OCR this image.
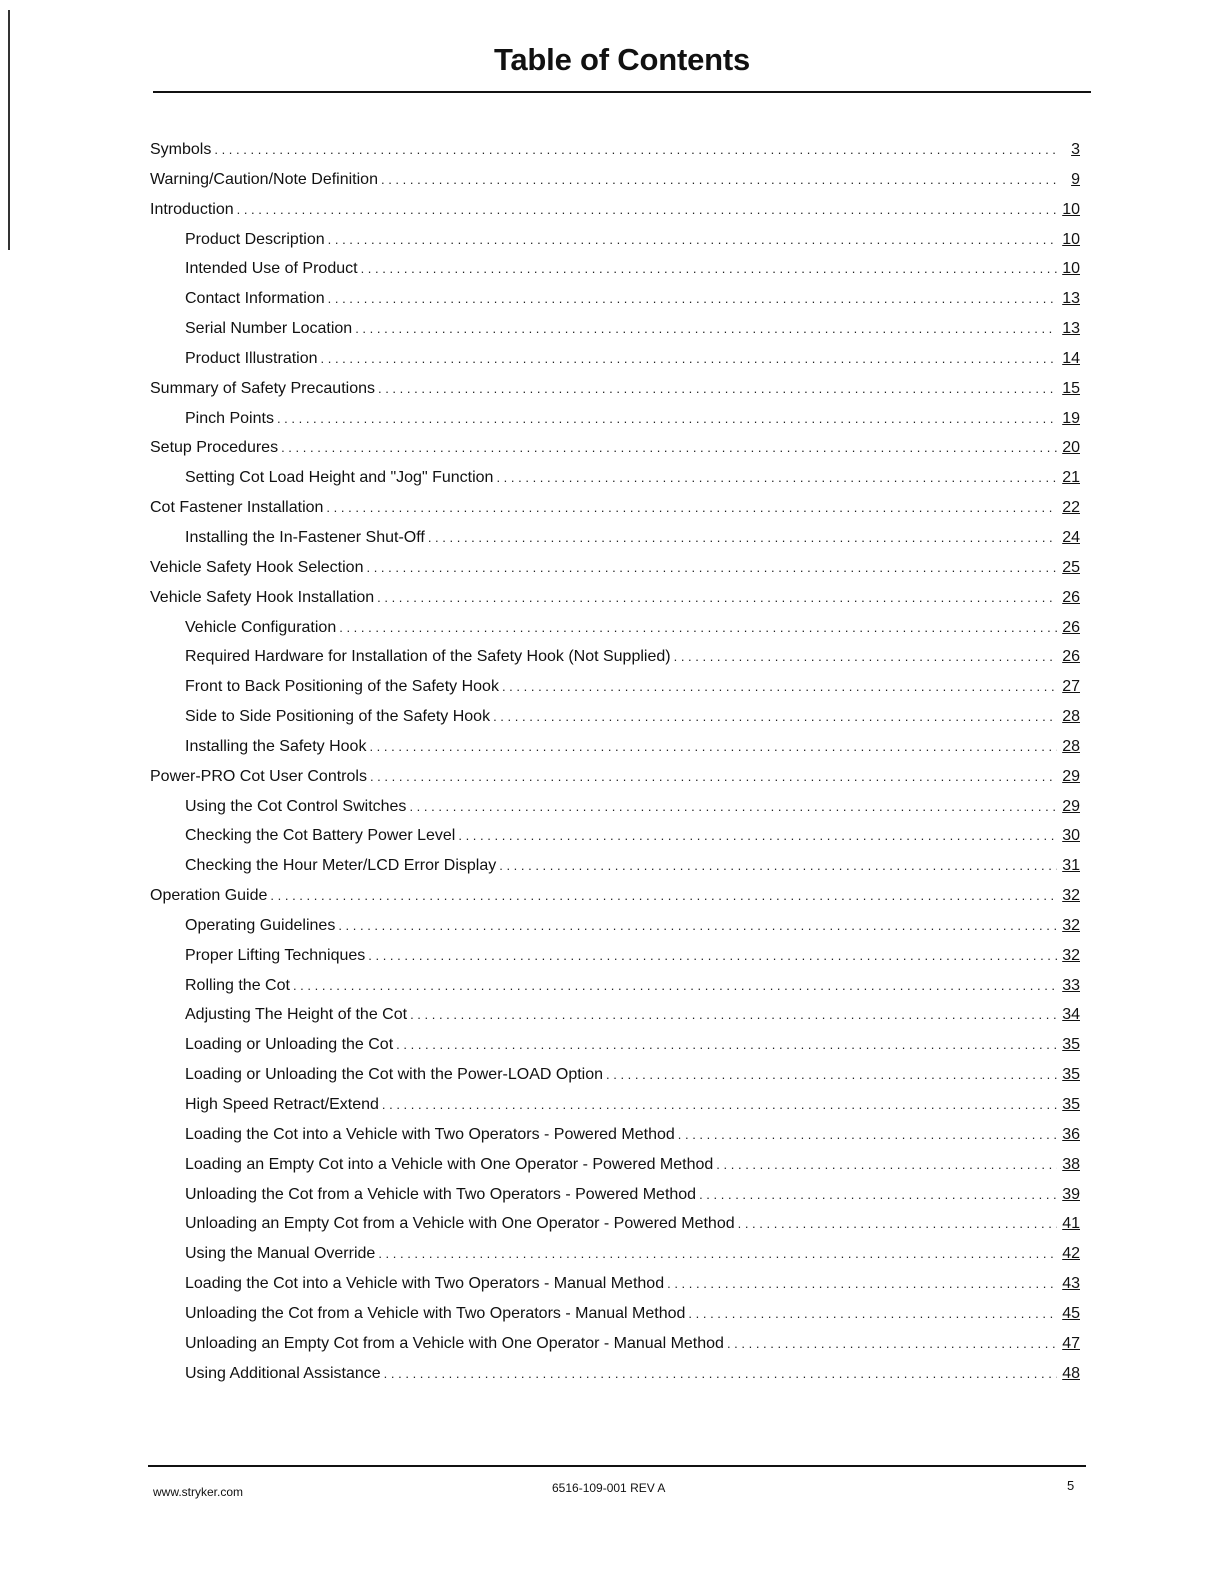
Table of Contents
Symbols . . .	3
Warning/Caution/Note Definition . . .	9
Introduction . . .	10
Product Description . . .	10
Intended Use of Product . . .	10
Contact Information . . .	13
Serial Number Location . . .	13
Product Illustration . . .	14
Summary of Safety Precautions . . .	15
Pinch Points . . .	19
Setup Procedures . . .	20
Setting Cot Load Height and "Jog" Function . . .	21
Cot Fastener Installation . . .	22
Installing the In-Fastener Shut-Off . . .	24
Vehicle Safety Hook Selection . . .	25
Vehicle Safety Hook Installation . . .	26
Vehicle Configuration . . .	26
Required Hardware for Installation of the Safety Hook (Not Supplied) . . .	26
Front to Back Positioning of the Safety Hook . . .	27
Side to Side Positioning of the Safety Hook . . .	28
Installing the Safety Hook . . .	28
Power-PRO Cot User Controls . . .	29
Using the Cot Control Switches . . .	29
Checking the Cot Battery Power Level . . .	30
Checking the Hour Meter/LCD Error Display . . .	31
Operation Guide . . .	32
Operating Guidelines . . .	32
Proper Lifting Techniques . . .	32
Rolling the Cot . . .	33
Adjusting The Height of the Cot . . .	34
Loading or Unloading the Cot . . .	35
Loading or Unloading the Cot with the Power-LOAD Option . . .	35
High Speed Retract/Extend . . .	35
Loading the Cot into a Vehicle with Two Operators - Powered Method . . .	36
Loading an Empty Cot into a Vehicle with One Operator - Powered Method . . .	38
Unloading the Cot from a Vehicle with Two Operators - Powered Method . . .	39
Unloading an Empty Cot from a Vehicle with One Operator - Powered Method . . .	41
Using the Manual Override . . .	42
Loading the Cot into a Vehicle with Two Operators - Manual Method . . .	43
Unloading the Cot from a Vehicle with Two Operators - Manual Method . . .	45
Unloading an Empty Cot from a Vehicle with One Operator - Manual Method . . .	47
Using Additional Assistance . . .	48
www.stryker.com	6516-109-001 REV A	5
